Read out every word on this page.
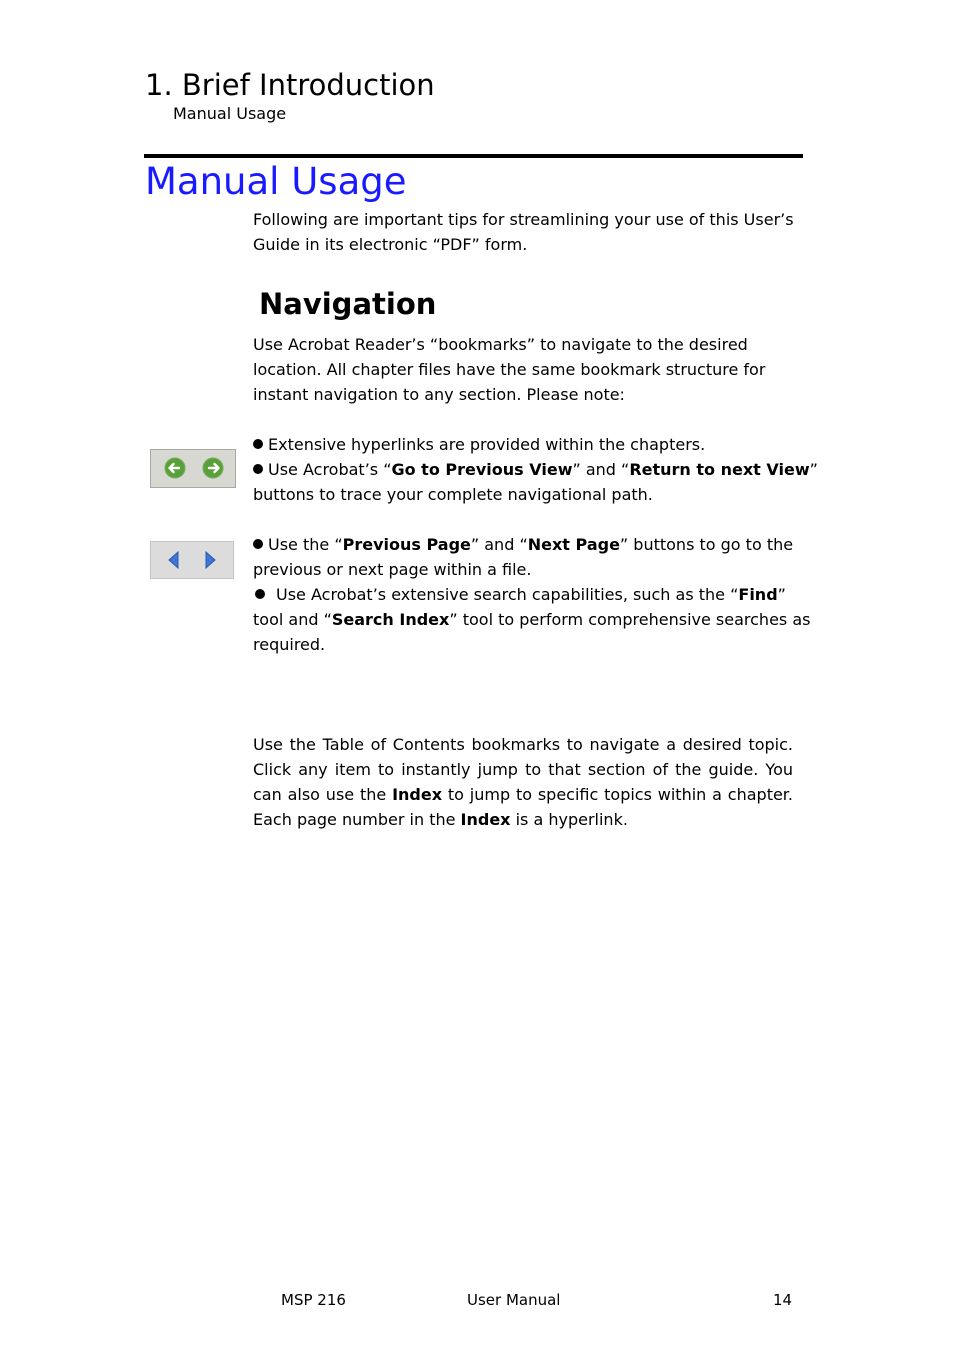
1. Brief Introduction
Manual Usage
Manual Usage
Following are important tips for streamlining your use of this User’s Guide in its electronic “PDF” form.
Navigation
Use Acrobat Reader’s “bookmarks” to navigate to the desired location. All chapter files have the same bookmark structure for instant navigation to any section. Please note:
Extensive hyperlinks are provided within the chapters.
Use Acrobat’s “Go to Previous View” and “Return to next View” buttons to trace your complete navigational path.
Use the “Previous Page” and “Next Page” buttons to go to the previous or next page within a file.
Use Acrobat’s extensive search capabilities, such as the “Find” tool and “Search Index” tool to perform comprehensive searches as required.
Use the Table of Contents bookmarks to navigate a desired topic. Click any item to instantly jump to that section of the guide. You can also use the Index to jump to specific topics within a chapter. Each page number in the Index is a hyperlink.
MSP 216	User Manual	14
